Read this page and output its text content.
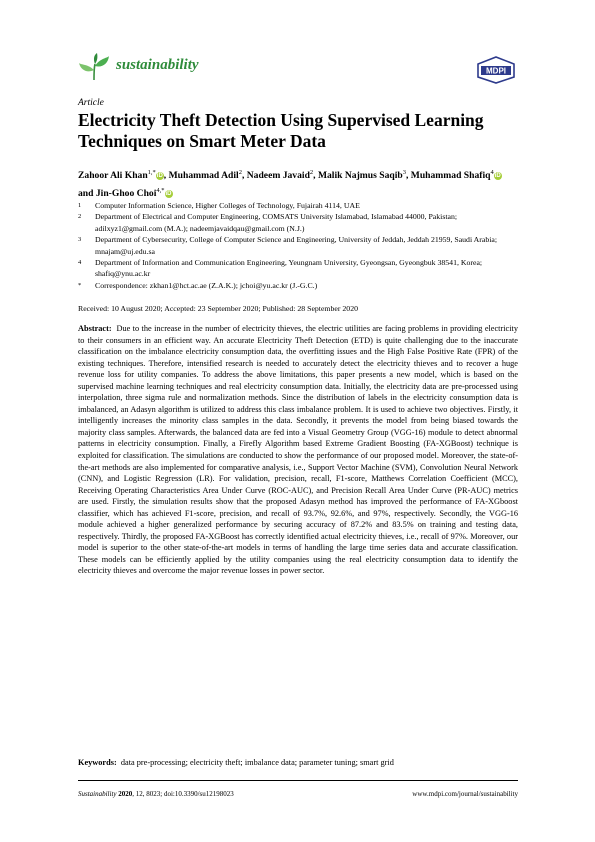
sustainability	MDPI
Article
Electricity Theft Detection Using Supervised Learning Techniques on Smart Meter Data
Zahoor Ali Khan$^{1,*}$iD, Muhammad Adil$^2$, Nadeem Javaid$^2$, Malik Najmus Saqib$^3$, Muhammad Shafiq$^4$iD and Jin-Ghoo Choi$^{4,*}$iD
1	Computer Information Science, Higher Colleges of Technology, Fujairah 4114, UAE
2	Department of Electrical and Computer Engineering, COMSATS University Islamabad, Islamabad 44000, Pakistan; adilxyz1@gmail.com (M.A.); nadeemjavaidqau@gmail.com (N.J.)
3	Department of Cybersecurity, College of Computer Science and Engineering, University of Jeddah, Jeddah 21959, Saudi Arabia; mnajam@uj.edu.sa
4	Department of Information and Communication Engineering, Yeungnam University, Gyeongsan, Gyeongbuk 38541, Korea; shafiq@ynu.ac.kr
*	Correspondence: zkhan1@hct.ac.ae (Z.A.K.); jchoi@yu.ac.kr (J.-G.C.)
Received: 10 August 2020; Accepted: 23 September 2020; Published: 28 September 2020
Abstract: Due to the increase in the number of electricity thieves, the electric utilities are facing problems in providing electricity to their consumers in an efficient way. An accurate Electricity Theft Detection (ETD) is quite challenging due to the inaccurate classification on the imbalance electricity consumption data, the overfitting issues and the High False Positive Rate (FPR) of the existing techniques. Therefore, intensified research is needed to accurately detect the electricity thieves and to recover a huge revenue loss for utility companies. To address the above limitations, this paper presents a new model, which is based on the supervised machine learning techniques and real electricity consumption data. Initially, the electricity data are pre-processed using interpolation, three sigma rule and normalization methods. Since the distribution of labels in the electricity consumption data is imbalanced, an Adasyn algorithm is utilized to address this class imbalance problem. It is used to achieve two objectives. Firstly, it intelligently increases the minority class samples in the data. Secondly, it prevents the model from being biased towards the majority class samples. Afterwards, the balanced data are fed into a Visual Geometry Group (VGG-16) module to detect abnormal patterns in electricity consumption. Finally, a Firefly Algorithm based Extreme Gradient Boosting (FA-XGBoost) technique is exploited for classification. The simulations are conducted to show the performance of our proposed model. Moreover, the state-of-the-art methods are also implemented for comparative analysis, i.e., Support Vector Machine (SVM), Convolution Neural Network (CNN), and Logistic Regression (LR). For validation, precision, recall, F1-score, Matthews Correlation Coefficient (MCC), Receiving Operating Characteristics Area Under Curve (ROC-AUC), and Precision Recall Area Under Curve (PR-AUC) metrics are used. Firstly, the simulation results show that the proposed Adasyn method has improved the performance of FA-XGboost classifier, which has achieved F1-score, precision, and recall of 93.7%, 92.6%, and 97%, respectively. Secondly, the VGG-16 module achieved a higher generalized performance by securing accuracy of 87.2% and 83.5% on training and testing data, respectively. Thirdly, the proposed FA-XGBoost has correctly identified actual electricity thieves, i.e., recall of 97%. Moreover, our model is superior to the other state-of-the-art models in terms of handling the large time series data and accurate classification. These models can be efficiently applied by the utility companies using the real electricity consumption data to identify the electricity thieves and overcome the major revenue losses in power sector.
Keywords: data pre-processing; electricity theft; imbalance data; parameter tuning; smart grid
Sustainability 2020, 12, 8023; doi:10.3390/su12198023	www.mdpi.com/journal/sustainability
